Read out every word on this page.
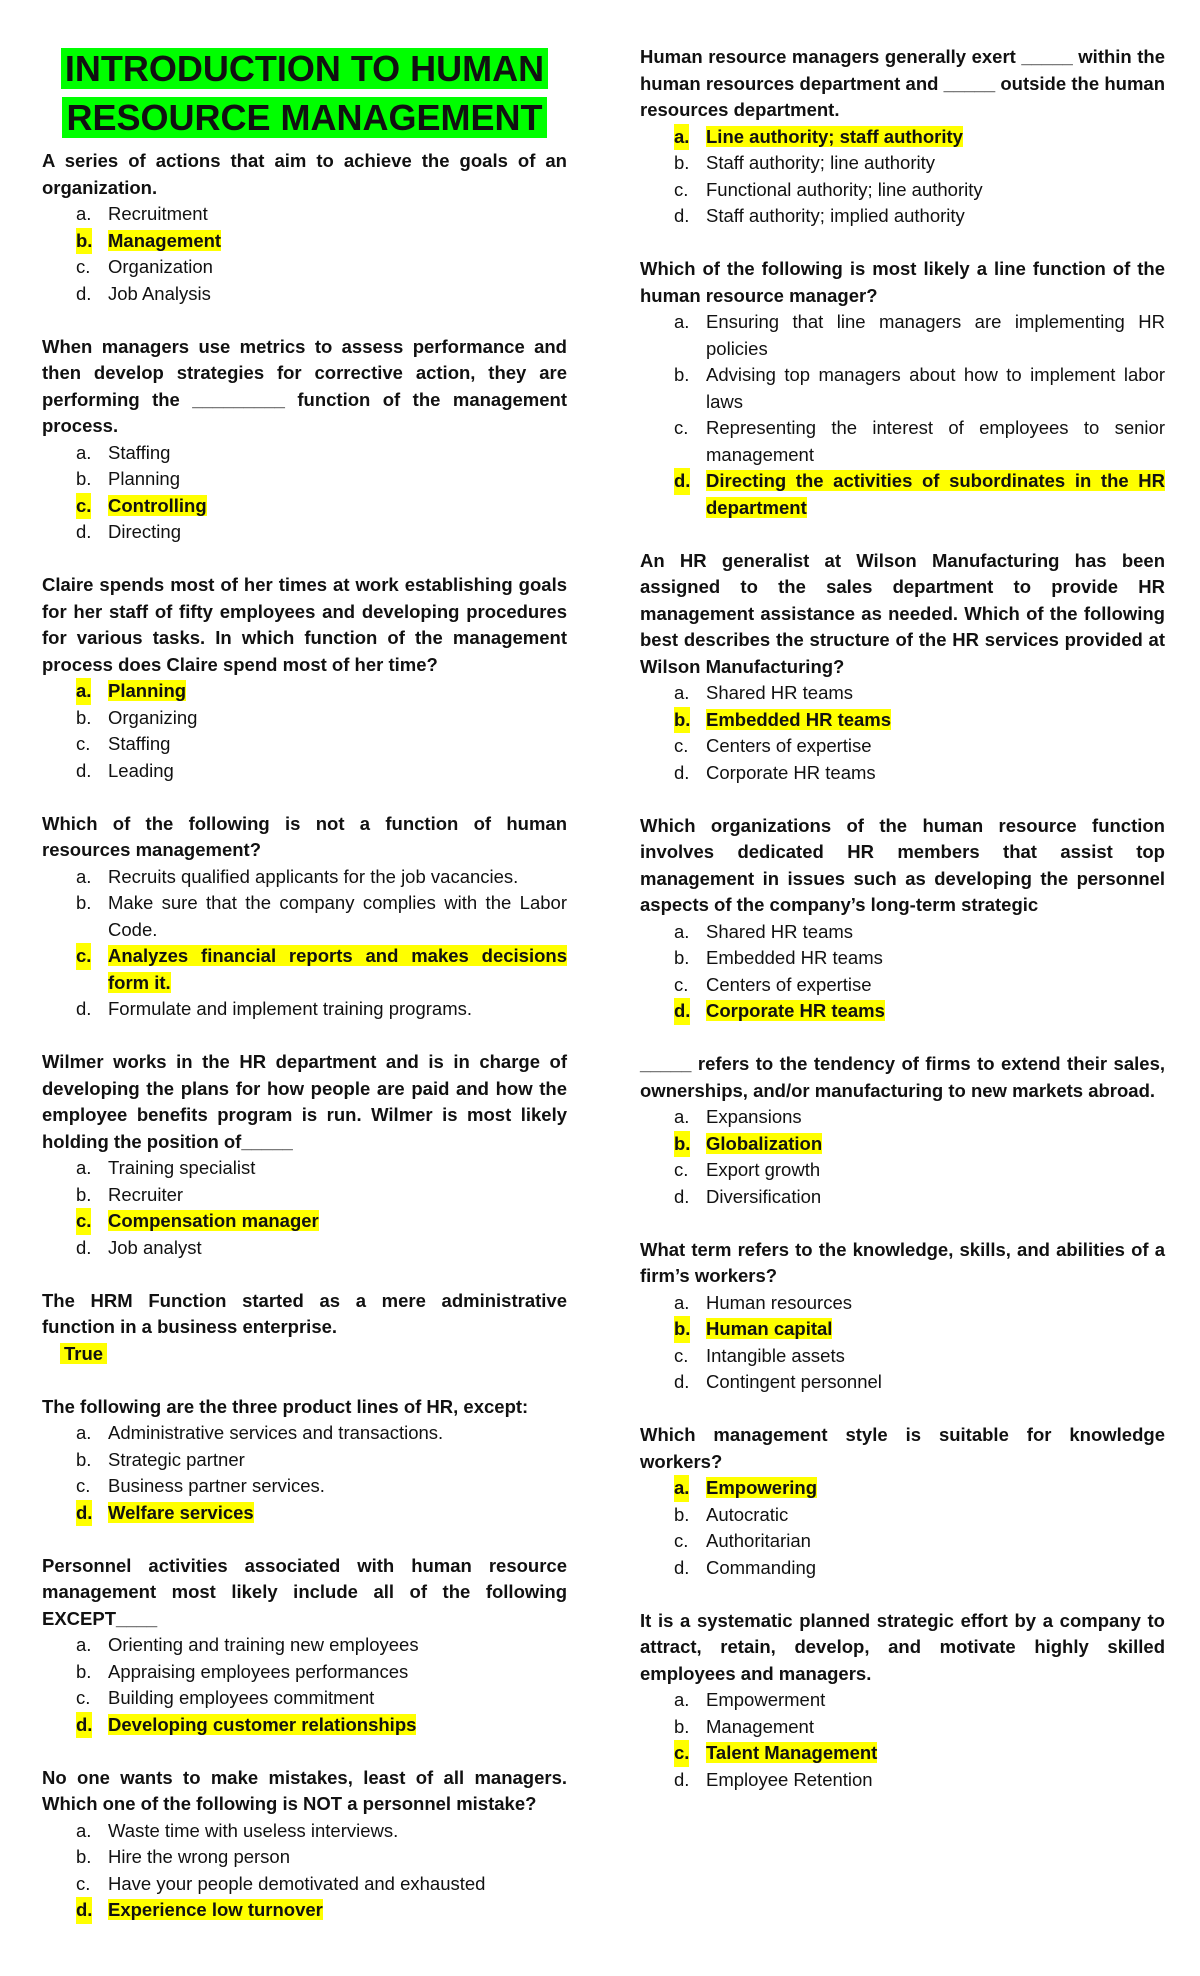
INTRODUCTION TO HUMAN
RESOURCE MANAGEMENT

A series of actions that aim to achieve the goals of an organization.

a. Recruitment
b. Management
c. Organization
d. Job Analysis

When managers use metrics to assess performance and then develop strategies for corrective action, they are performing the _________ function of the management process.

a. Staffing
b. Planning
c. Controlling
d. Directing

Claire spends most of her times at work establishing goals for her staff of fifty employees and developing procedures for various tasks. In which function of the management process does Claire spend most of her time?

a. Planning
b. Organizing
c. Staffing
d. Leading

Which of the following is not a function of human resources management?

a. Recruits qualified applicants for the job vacancies.
b. Make sure that the company complies with the Labor Code.
c. Analyzes financial reports and makes decisions form it.
d. Formulate and implement training programs.

Wilmer works in the HR department and is in charge of developing the plans for how people are paid and how the employee benefits program is run. Wilmer is most likely holding the position of_____

a. Training specialist
b. Recruiter
c. Compensation manager
d. Job analyst

The HRM Function started as a mere administrative function in a business enterprise.

True

The following are the three product lines of HR, except:

a. Administrative services and transactions.
b. Strategic partner
c. Business partner services.
d. Welfare services

Personnel activities associated with human resource management most likely include all of the following EXCEPT____

a. Orienting and training new employees
b. Appraising employees performances
c. Building employees commitment
d. Developing customer relationships

No one wants to make mistakes, least of all managers. Which one of the following is NOT a personnel mistake?

a. Waste time with useless interviews.
b. Hire the wrong person
c. Have your people demotivated and exhausted
d. Experience low turnover

Human resource managers generally exert _____ within the human resources department and _____ outside the human resources department.

a. Line authority; staff authority
b. Staff authority; line authority
c. Functional authority; line authority
d. Staff authority; implied authority

Which of the following is most likely a line function of the human resource manager?

a. Ensuring that line managers are implementing HR policies
b. Advising top managers about how to implement labor laws
c. Representing the interest of employees to senior management
d. Directing the activities of subordinates in the HR department

An HR generalist at Wilson Manufacturing has been assigned to the sales department to provide HR management assistance as needed. Which of the following best describes the structure of the HR services provided at Wilson Manufacturing?

a. Shared HR teams
b. Embedded HR teams
c. Centers of expertise
d. Corporate HR teams

Which organizations of the human resource function involves dedicated HR members that assist top management in issues such as developing the personnel aspects of the company’s long-term strategic

a. Shared HR teams
b. Embedded HR teams
c. Centers of expertise
d. Corporate HR teams

_____ refers to the tendency of firms to extend their sales, ownerships, and/or manufacturing to new markets abroad.

a. Expansions
b. Globalization
c. Export growth
d. Diversification

What term refers to the knowledge, skills, and abilities of a firm’s workers?

a. Human resources
b. Human capital
c. Intangible assets
d. Contingent personnel

Which management style is suitable for knowledge workers?

a. Empowering
b. Autocratic
c. Authoritarian
d. Commanding

It is a systematic planned strategic effort by a company to attract, retain, develop, and motivate highly skilled employees and managers.

a. Empowerment
b. Management
c. Talent Management
d. Employee Retention
